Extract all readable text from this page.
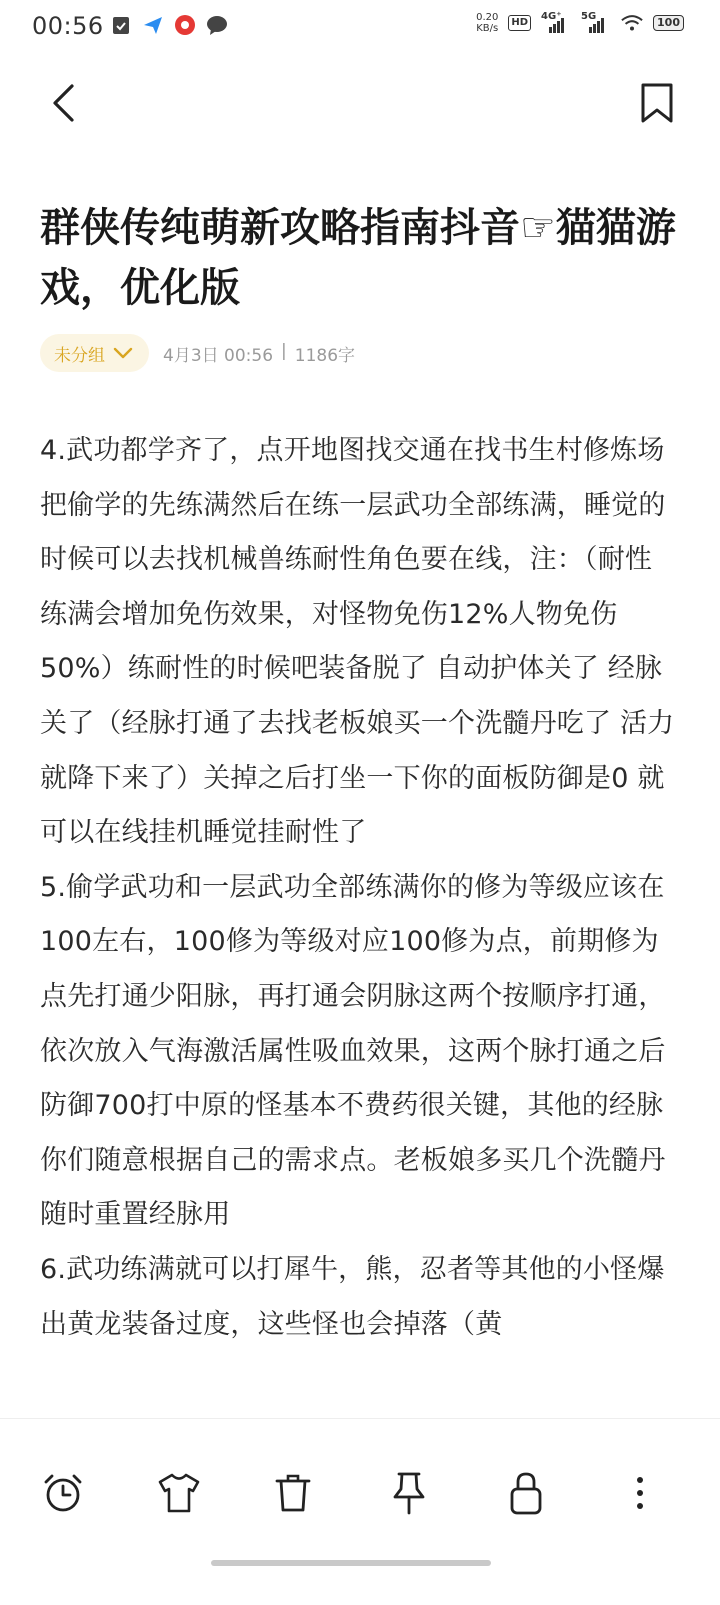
00:56	0.20
KB/s
HD
4G⁺ 5G	100
群侠传纯萌新攻略指南抖音☞猫猫游戏，优化版
未分组	4月3日 00:56 | 1186字

4.武功都学齐了，点开地图找交通在找书生村修炼场把偷学的先练满然后在练一层武功全部练满，睡觉的时候可以去找机械兽练耐性角色要在线，注：（耐性

练满会增加免伤效果，对怪物免伤12%人物免伤50%）练耐性的时候吧装备脱了 自动护体关了 经脉关了（经脉打通了去找老板娘买一个洗髓丹吃了 活力就降下来了）关掉之后打坐一下你的面板防御是0 就可以在线挂机睡觉挂耐性了

5.偷学武功和一层武功全部练满你的修为等级应该在100左右，100修为等级对应100修为点，前期修为点先打通少阳脉，再打通会阴脉这两个按顺序打通，依次放入气海激活属性吸血效果，这两个脉打通之后防御700打中原的怪基本不费药很关键，其他的经脉你们随意根据自己的需求点。老板娘多买几个洗髓丹随时重置经脉用

6.武功练满就可以打犀牛，熊，忍者等其他的小怪爆出黄龙装备过度，这些怪也会掉落（黄
